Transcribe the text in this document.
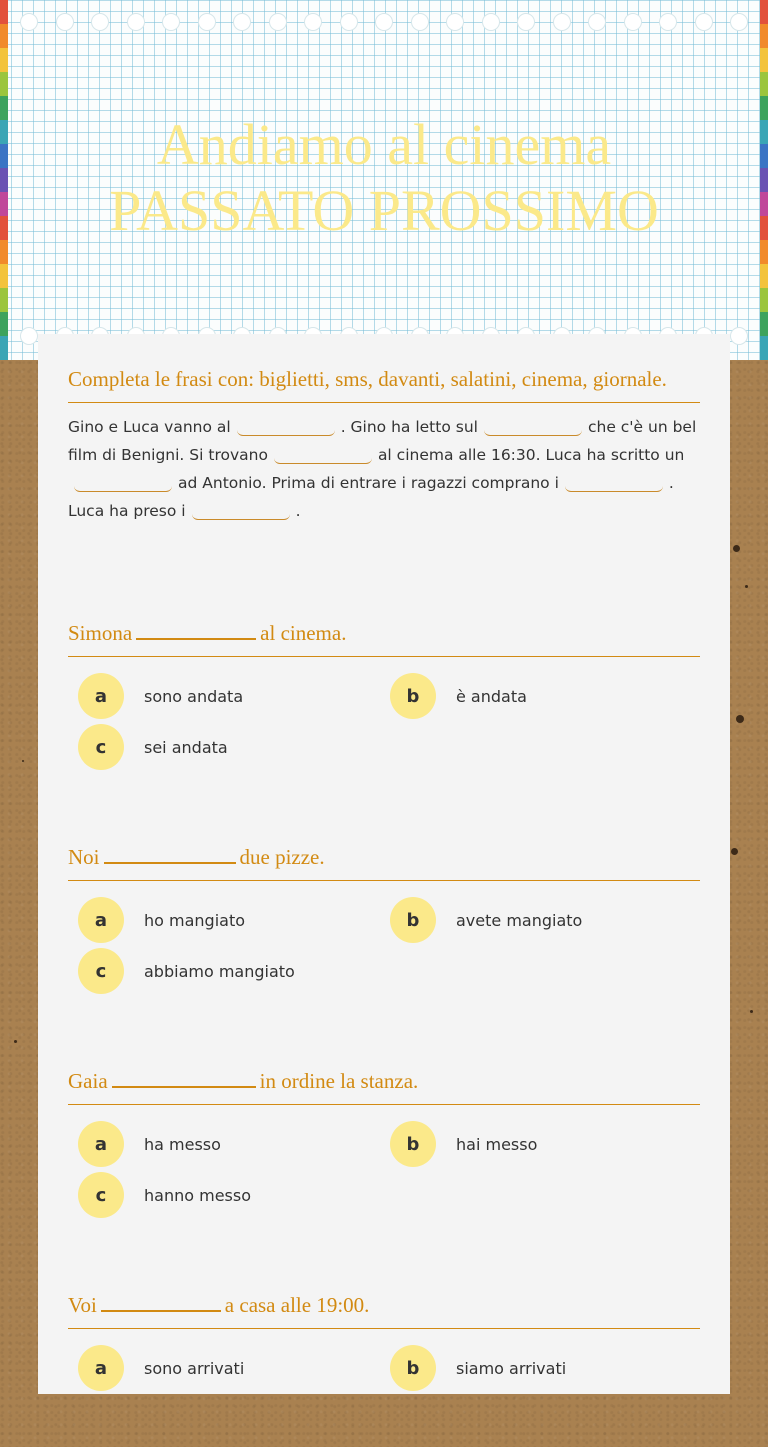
Andiamo al cinema
PASSATO PROSSIMO
Completa le frasi con: biglietti, sms, davanti, salatini, cinema, giornale.
Gino e Luca vanno al	. Gino ha letto sul	che c'è un bel film di Benigni. Si trovano	al cinema alle 16:30. Luca ha scritto unad Antonio. Prima di entrare i ragazzi comprano i	. Luca ha preso i	.
Simona	al cinema.
a	sono andata	b	è andata
c	sei andata
Noi	due pizze.
a	ho mangiato	b	avete mangiato
c	abbiamo mangiato
Gaia	in ordine la stanza.
a	ha messo	b	hai messo
c	hanno messo
Voi	a casa alle 19:00.
a	sono arrivati	b	siamo arrivati
